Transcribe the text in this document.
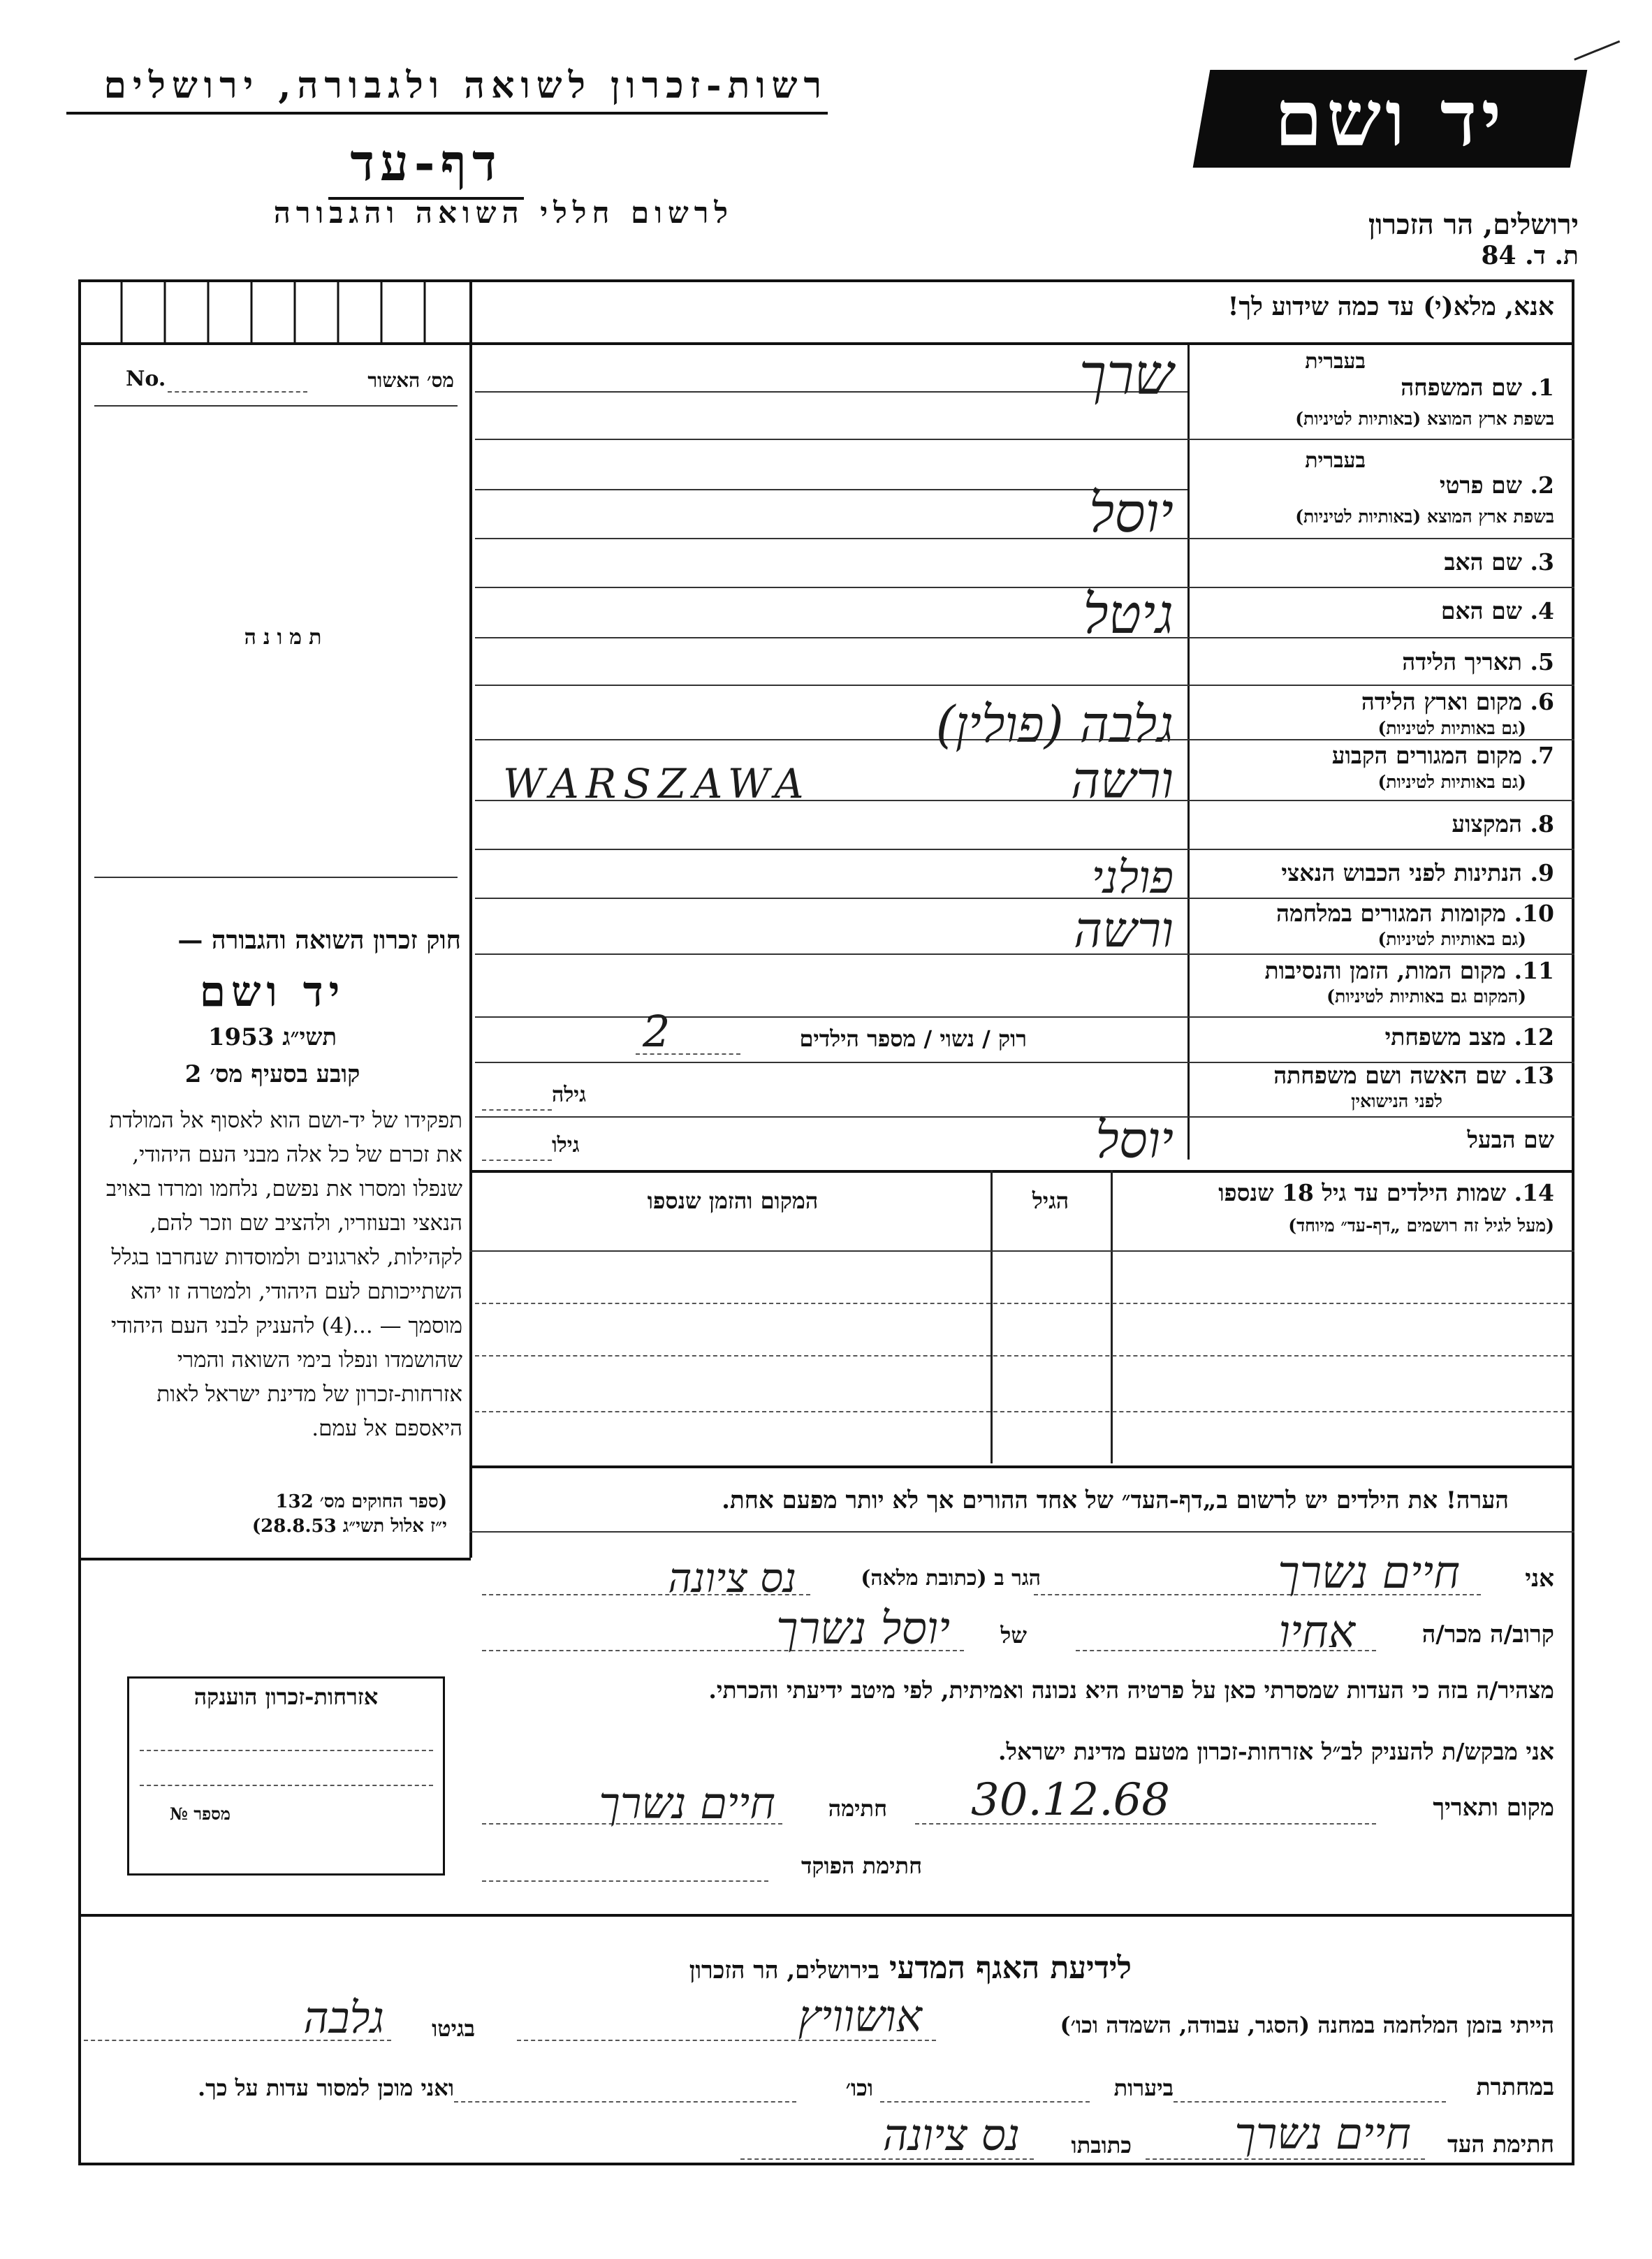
רשות-זכרון לשואה ולגבורה, ירושלים
דף-עד
לרשום חללי השואה והגבורה
יד ושם
ירושלים, הר הזכרון
ת. ד. 84
אנא, מלא(י) עד כמה שידוע לך!
No.	מס׳ האשור
תמונה
בעברית
1. שם המשפחה
בשפת ארץ המוצא (באותיות לטיניות)
בעברית
2. שם פרטי
בשפת ארץ המוצא (באותיות לטיניות)
3. שם האב
4. שם האם
5. תאריך הלידה
6. מקום וארץ הלידה
(גם באותיות לטיניות)
7. מקום המגורים הקבוע
(גם באותיות לטיניות)
8. המקצוע
9. הנתינות לפני הכבוש הנאצי
10. מקומות המגורים במלחמה
(גם באותיות לטיניות)
11. מקום המות, הזמן והנסיבות
(המקום גם באותיות לטיניות)
12. מצב משפחתי
13. שם האשה ושם משפחתה
לפני הנישואין
שם הבעל
שרך
יוסל
גיטל
גלבה (פולין)
ורשה
WARSZAWA
פולני
ורשה
רוק / נשוי / מספר הילדים
2
גילה
גילו	יוסל
14. שמות הילדים עד גיל 18 שנספו
(מעל לגיל זה רושמים „דף-עד״ מיוחד)
הגיל
המקום והזמן שנספו
הערה! את הילדים יש לרשום ב„דף-העד״ של אחד ההורים אך לא יותר מפעם אחת.
חוק זכרון השואה והגבורה —
יד ושם
תשי״ג 1953
קובע בסעיף מס׳ 2
תפקידו של יד-ושם הוא לאסוף אל המולדת את זכרם של כל אלה מבני העם היהודי, שנפלו ומסרו את נפשם, נלחמו ומרדו באויב הנאצי ובעוזריו, ולהציב שם וזכר להם, לקהילות, לארגונים ולמוסדות שנחרבו בגלל השתייכותם לעם היהודי, ולמטרה זו יהא מוסמך — ...(4) להעניק לבני העם היהודי שהושמדו ונפלו בימי השואה והמרי אזרחות-זכרון של מדינת ישראל לאות היאספם אל עמם.
(ספר החוקים מס׳ 132
י״ז אלול תשי״ג 28.8.53)
אזרחות-זכרון הוענקה
מספר №
אני
חיים נשרך
הגר ב (כתובת מלאה)
נס ציונה
קרוב/ה מכר/ה
אחיו
של
יוסל נשרך
מצהיר/ה בזה כי העדות שמסרתי כאן על פרטיה היא נכונה ואמיתית, לפי מיטב ידיעתי והכרתי.
אני מבקש/ת להעניק לב״ל אזרחות-זכרון מטעם מדינת ישראל.
מקום ותאריך
30.12.68
חתימה
חיים נשרך
חתימת הפוקד
לידיעת האגף המדעי בירושלים, הר הזכרון
הייתי בזמן המלחמה במחנה (הסגר, עבודה, השמדה וכו׳)
אושוויץ
בגיטו
גלבה
במחתרת
ביערות
וכו׳
ואני מוכן למסור עדות על כך.
חתימת העד
חיים נשרך
כתובתו
נס ציונה
